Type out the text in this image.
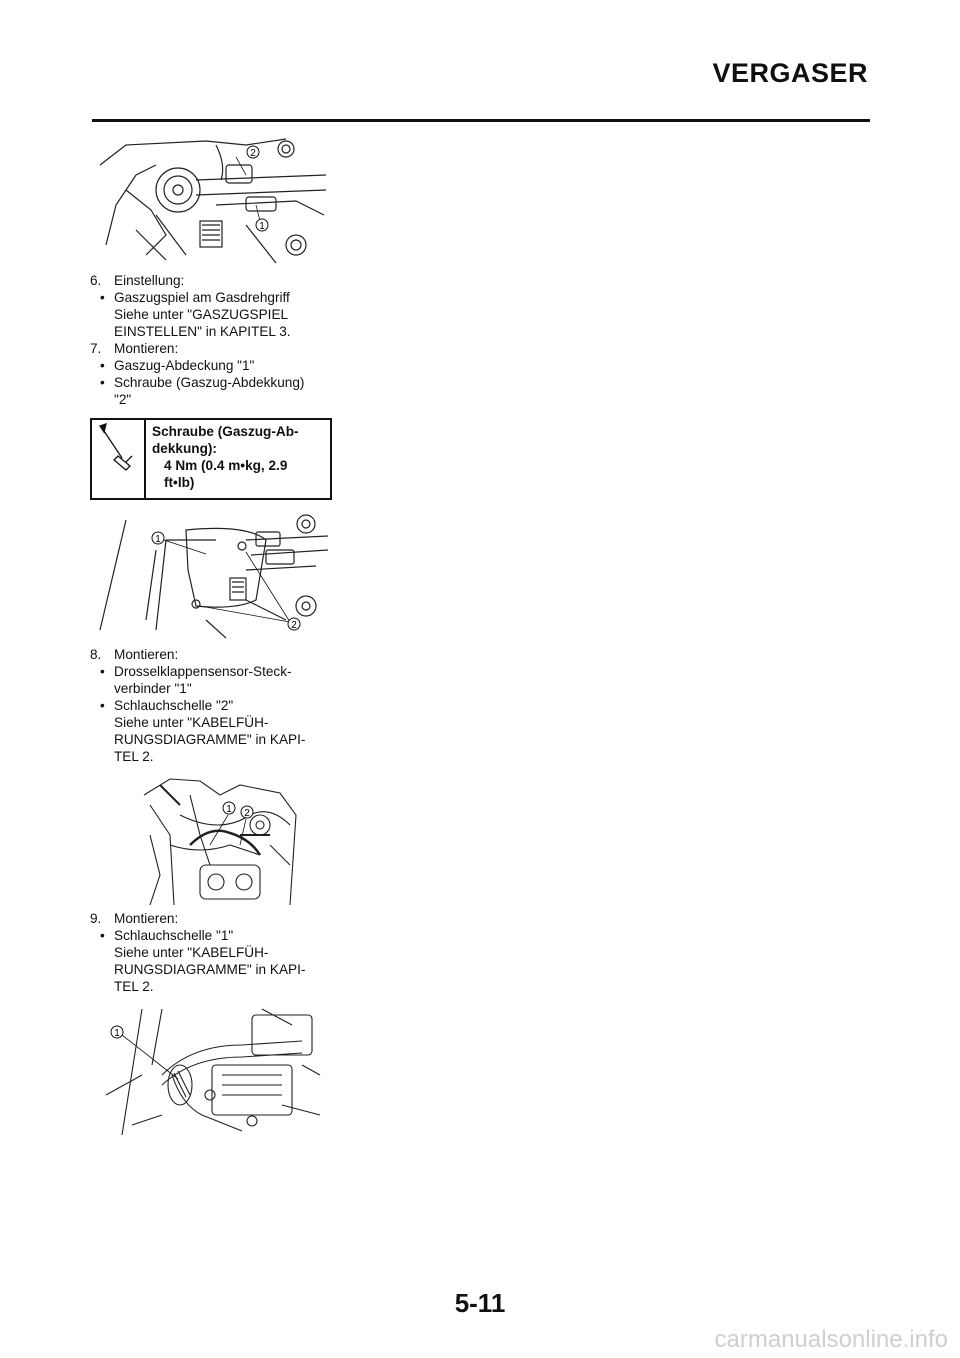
VERGASER
2
1
6. Einstellung:
• Gaszugspiel am Gasdrehgriff
Siehe unter "GASZUGSPIEL
EINSTELLEN" in KAPITEL 3.
7. Montieren:
• Gaszug-Abdeckung "1"
• Schraube (Gaszug-Abdekkung)
"2"
Schraube (Gaszug-Ab-
dekkung):
4 Nm (0.4 m•kg, 2.9
ft•lb)
1
2
8. Montieren:
• Drosselklappensensor-Steck-
verbinder "1"
• Schlauchschelle "2"
Siehe unter "KABELFÜH-
RUNGSDIAGRAMME" in KAPI-
TEL 2.
1 2
9. Montieren:
• Schlauchschelle "1"
Siehe unter "KABELFÜH-
RUNGSDIAGRAMME" in KAPI-
TEL 2.
1
5-11
carmanualsonline.info
